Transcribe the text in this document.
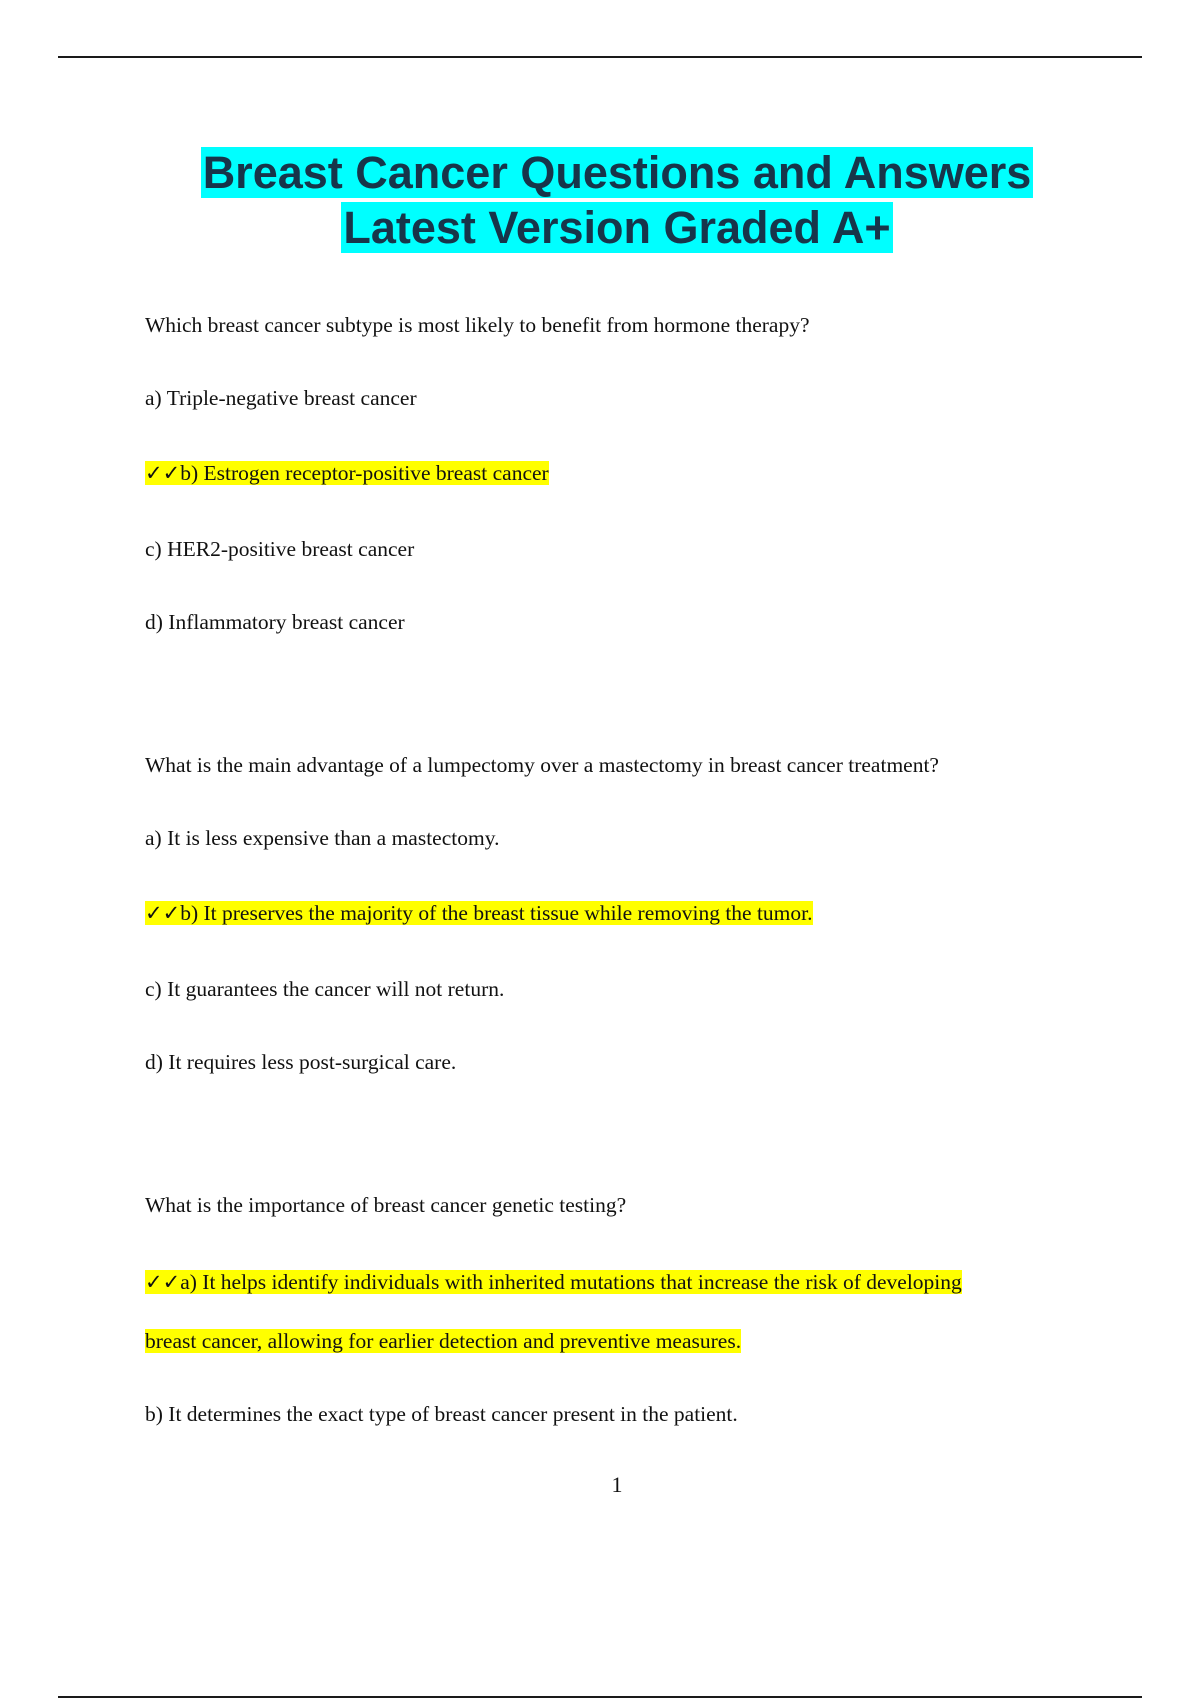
Breast Cancer Questions and Answers
Latest Version Graded A+
Which breast cancer subtype is most likely to benefit from hormone therapy?
a) Triple-negative breast cancer
✓✓b) Estrogen receptor-positive breast cancer
c) HER2-positive breast cancer
d) Inflammatory breast cancer
What is the main advantage of a lumpectomy over a mastectomy in breast cancer treatment?
a) It is less expensive than a mastectomy.
✓✓b) It preserves the majority of the breast tissue while removing the tumor.
c) It guarantees the cancer will not return.
d) It requires less post-surgical care.
What is the importance of breast cancer genetic testing?
✓✓a) It helps identify individuals with inherited mutations that increase the risk of developing
breast cancer, allowing for earlier detection and preventive measures.
b) It determines the exact type of breast cancer present in the patient.
1
